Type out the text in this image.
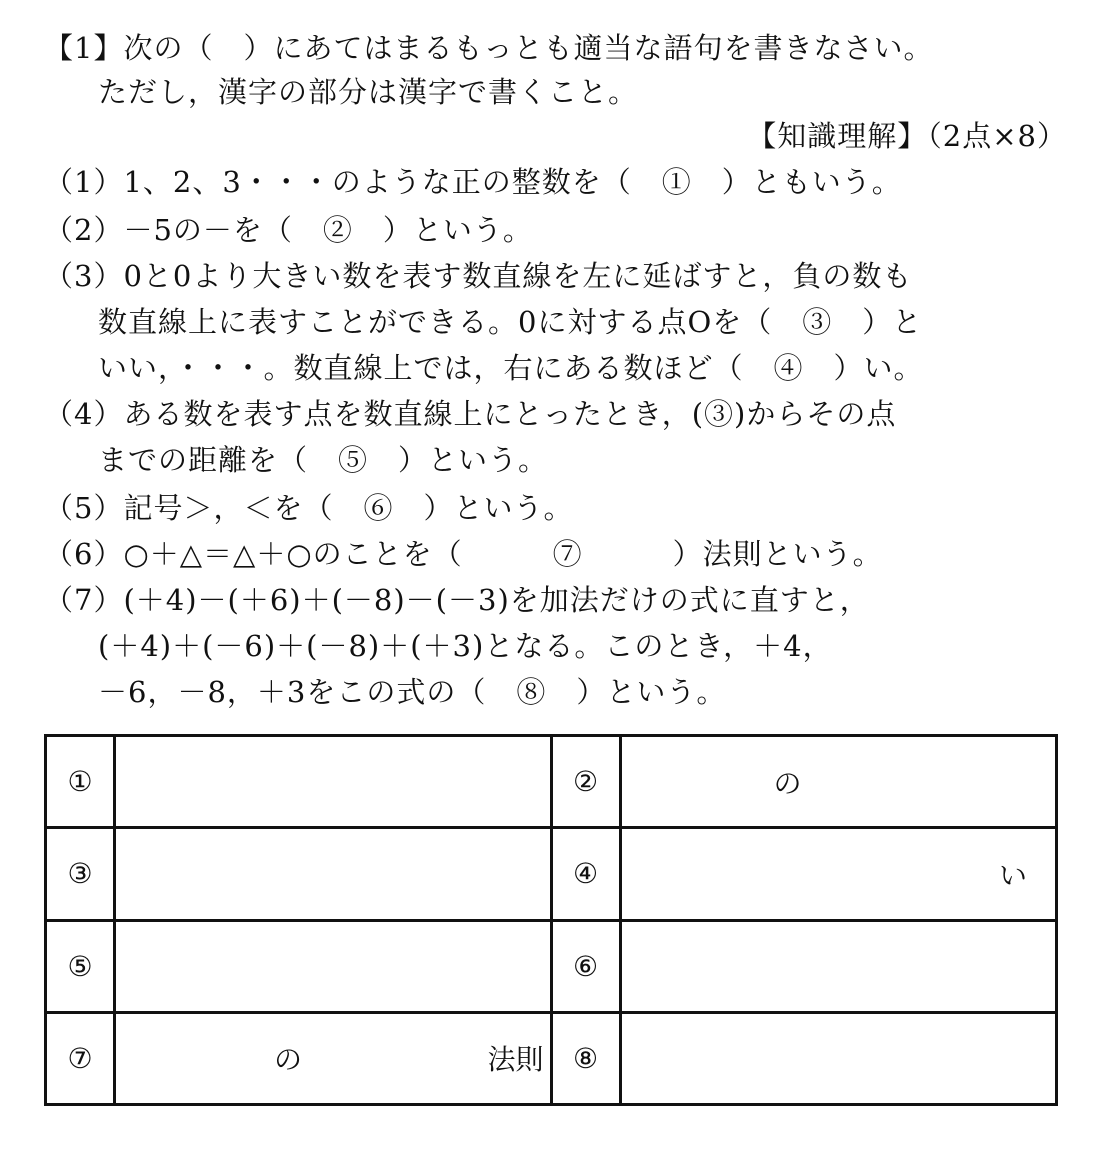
【1】次の（　）にあてはまるもっとも適当な語句を書きなさい。
ただし，漢字の部分は漢字で書くこと。
【知識理解】（2点×8）
（1）1、2、3・・・のような正の整数を（　①　）ともいう。
（2）－5の－を（　②　）という。
（3）0と0より大きい数を表す数直線を左に延ばすと，負の数も
数直線上に表すことができる。0に対する点Oを（　③　）と
いい，・・・。数直線上では，右にある数ほど（　④　）い。
（4）ある数を表す点を数直線上にとったとき，(③)からその点
までの距離を（　⑤　）という。
（5）記号＞，＜を（　⑥　）という。
（6）○＋△＝△＋○のことを（　　　⑦　　　）法則という。
（7）(＋4)－(＋6)＋(－8)－(－3)を加法だけの式に直すと，
(＋4)＋(－6)＋(－8)＋(＋3)となる。このとき，＋4，
－6，－8，＋3をこの式の（　⑧　）という。
①		②	の

③		④	い

⑤		⑥	
⑦	の 法則	⑧	
